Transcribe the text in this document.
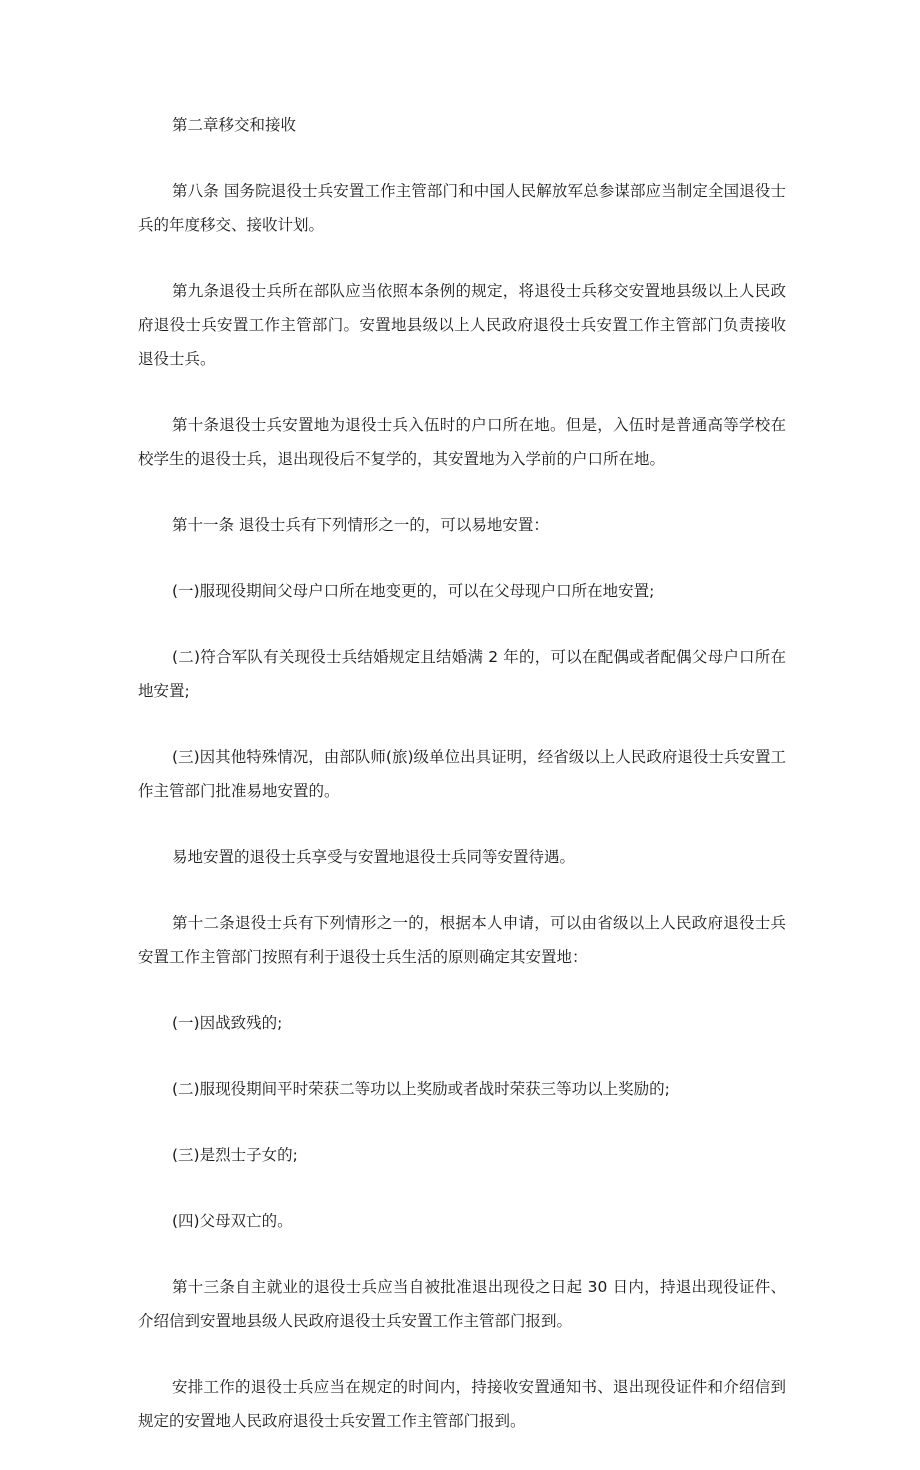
第二章移交和接收

第八条 国务院退役士兵安置工作主管部门和中国人民解放军总参谋部应当制定全国退役士兵的年度移交、接收计划。

第九条退役士兵所在部队应当依照本条例的规定，将退役士兵移交安置地县级以上人民政府退役士兵安置工作主管部门。安置地县级以上人民政府退役士兵安置工作主管部门负责接收退役士兵。

第十条退役士兵安置地为退役士兵入伍时的户口所在地。但是，入伍时是普通高等学校在校学生的退役士兵，退出现役后不复学的，其安置地为入学前的户口所在地。

第十一条 退役士兵有下列情形之一的，可以易地安置：

(一)服现役期间父母户口所在地变更的，可以在父母现户口所在地安置;

(二)符合军队有关现役士兵结婚规定且结婚满 2 年的，可以在配偶或者配偶父母户口所在地安置;

(三)因其他特殊情况，由部队师(旅)级单位出具证明，经省级以上人民政府退役士兵安置工作主管部门批准易地安置的。

易地安置的退役士兵享受与安置地退役士兵同等安置待遇。

第十二条退役士兵有下列情形之一的，根据本人申请，可以由省级以上人民政府退役士兵安置工作主管部门按照有利于退役士兵生活的原则确定其安置地：

(一)因战致残的;

(二)服现役期间平时荣获二等功以上奖励或者战时荣获三等功以上奖励的;

(三)是烈士子女的;

(四)父母双亡的。

第十三条自主就业的退役士兵应当自被批准退出现役之日起 30 日内，持退出现役证件、介绍信到安置地县级人民政府退役士兵安置工作主管部门报到。

安排工作的退役士兵应当在规定的时间内，持接收安置通知书、退出现役证件和介绍信到规定的安置地人民政府退役士兵安置工作主管部门报到。
